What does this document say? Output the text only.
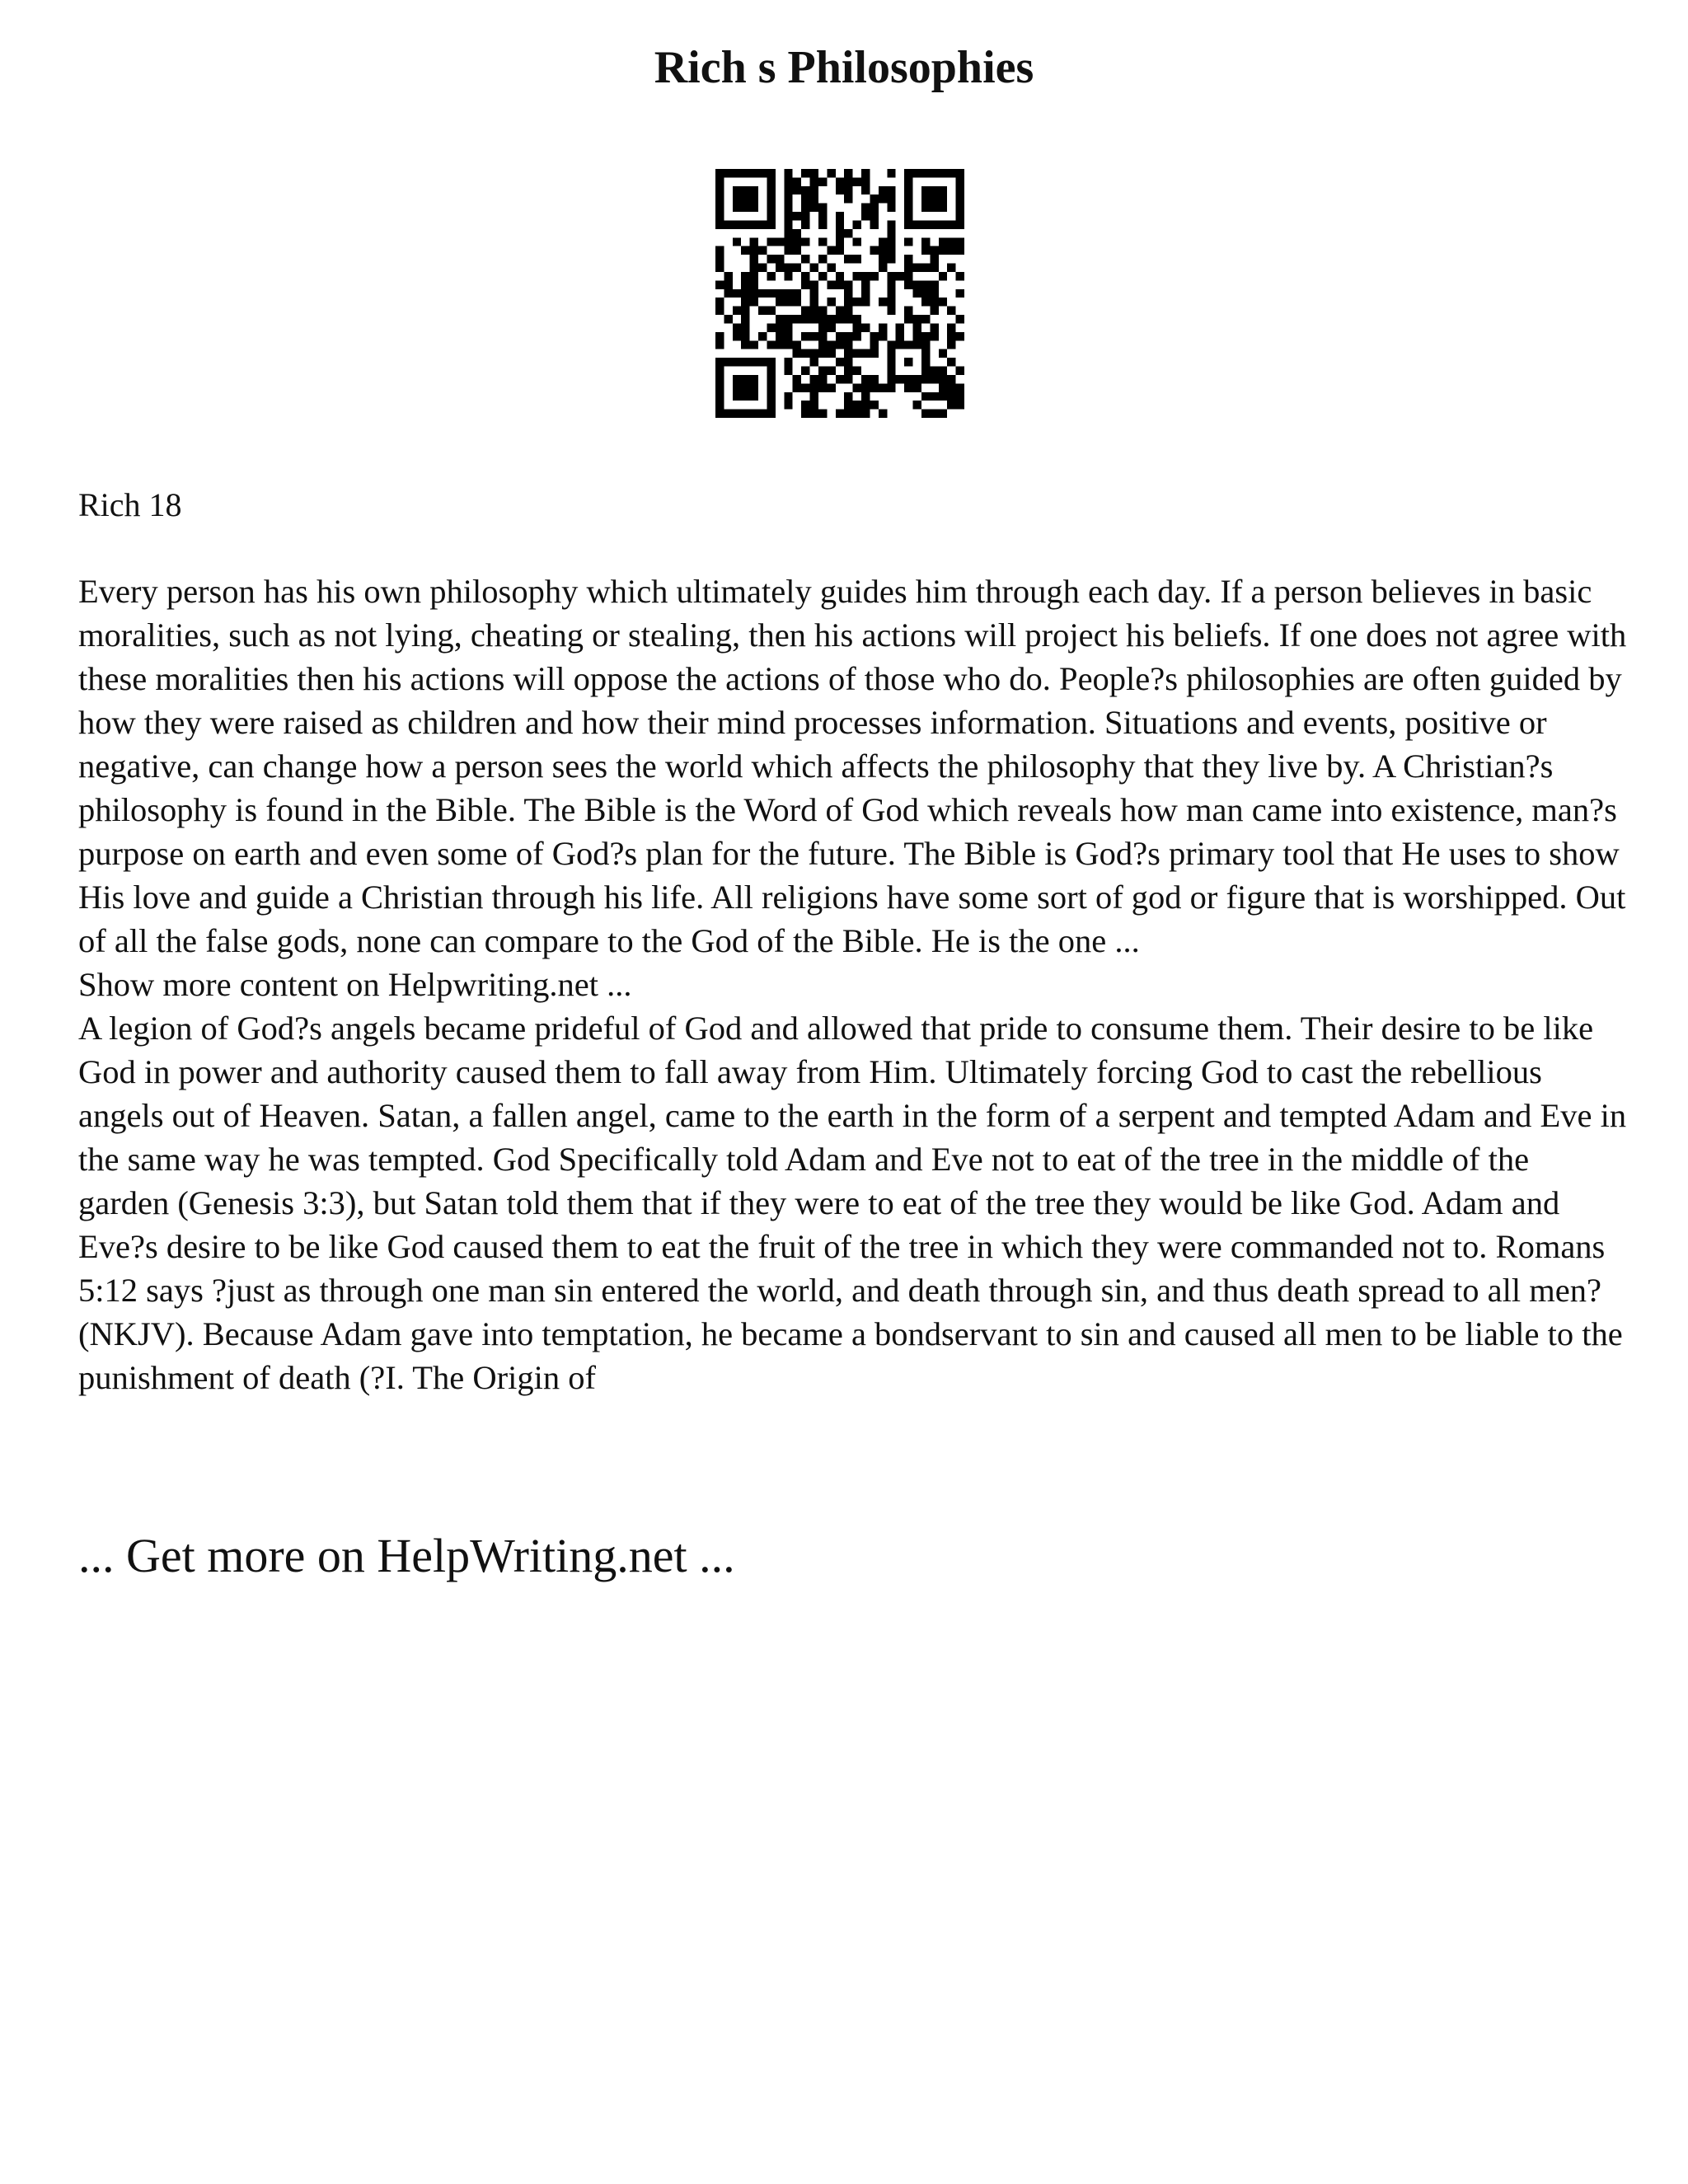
Rich s Philosophies

Rich 18

Every person has his own philosophy which ultimately guides him through each day. If a person believes in basic moralities, such as not lying, cheating or stealing, then his actions will project his beliefs. If one does not agree with these moralities then his actions will oppose the actions of those who do. People?s philosophies are often guided by how they were raised as children and how their mind processes information. Situations and events, positive or negative, can change how a person sees the world which affects the philosophy that they live by. A Christian?s philosophy is found in the Bible. The Bible is the Word of God which reveals how man came into existence, man?s purpose on earth and even some of God?s plan for the future. The Bible is God?s primary tool that He uses to show His love and guide a Christian through his life. All religions have some sort of god or figure that is worshipped. Out of all the false gods, none can compare to the God of the Bible. He is the one ...

Show more content on Helpwriting.net ...

A legion of God?s angels became prideful of God and allowed that pride to consume them. Their desire to be like God in power and authority caused them to fall away from Him. Ultimately forcing God to cast the rebellious angels out of Heaven. Satan, a fallen angel, came to the earth in the form of a serpent and tempted Adam and Eve in the same way he was tempted. God Specifically told Adam and Eve not to eat of the tree in the middle of the garden (Genesis 3:3), but Satan told them that if they were to eat of the tree they would be like God. Adam and Eve?s desire to be like God caused them to eat the fruit of the tree in which they were commanded not to. Romans 5:12 says ?just as through one man sin entered the world, and death through sin, and thus death spread to all men? (NKJV). Because Adam gave into temptation, he became a bondservant to sin and caused all men to be liable to the punishment of death (?I. The Origin of

... Get more on HelpWriting.net ...
